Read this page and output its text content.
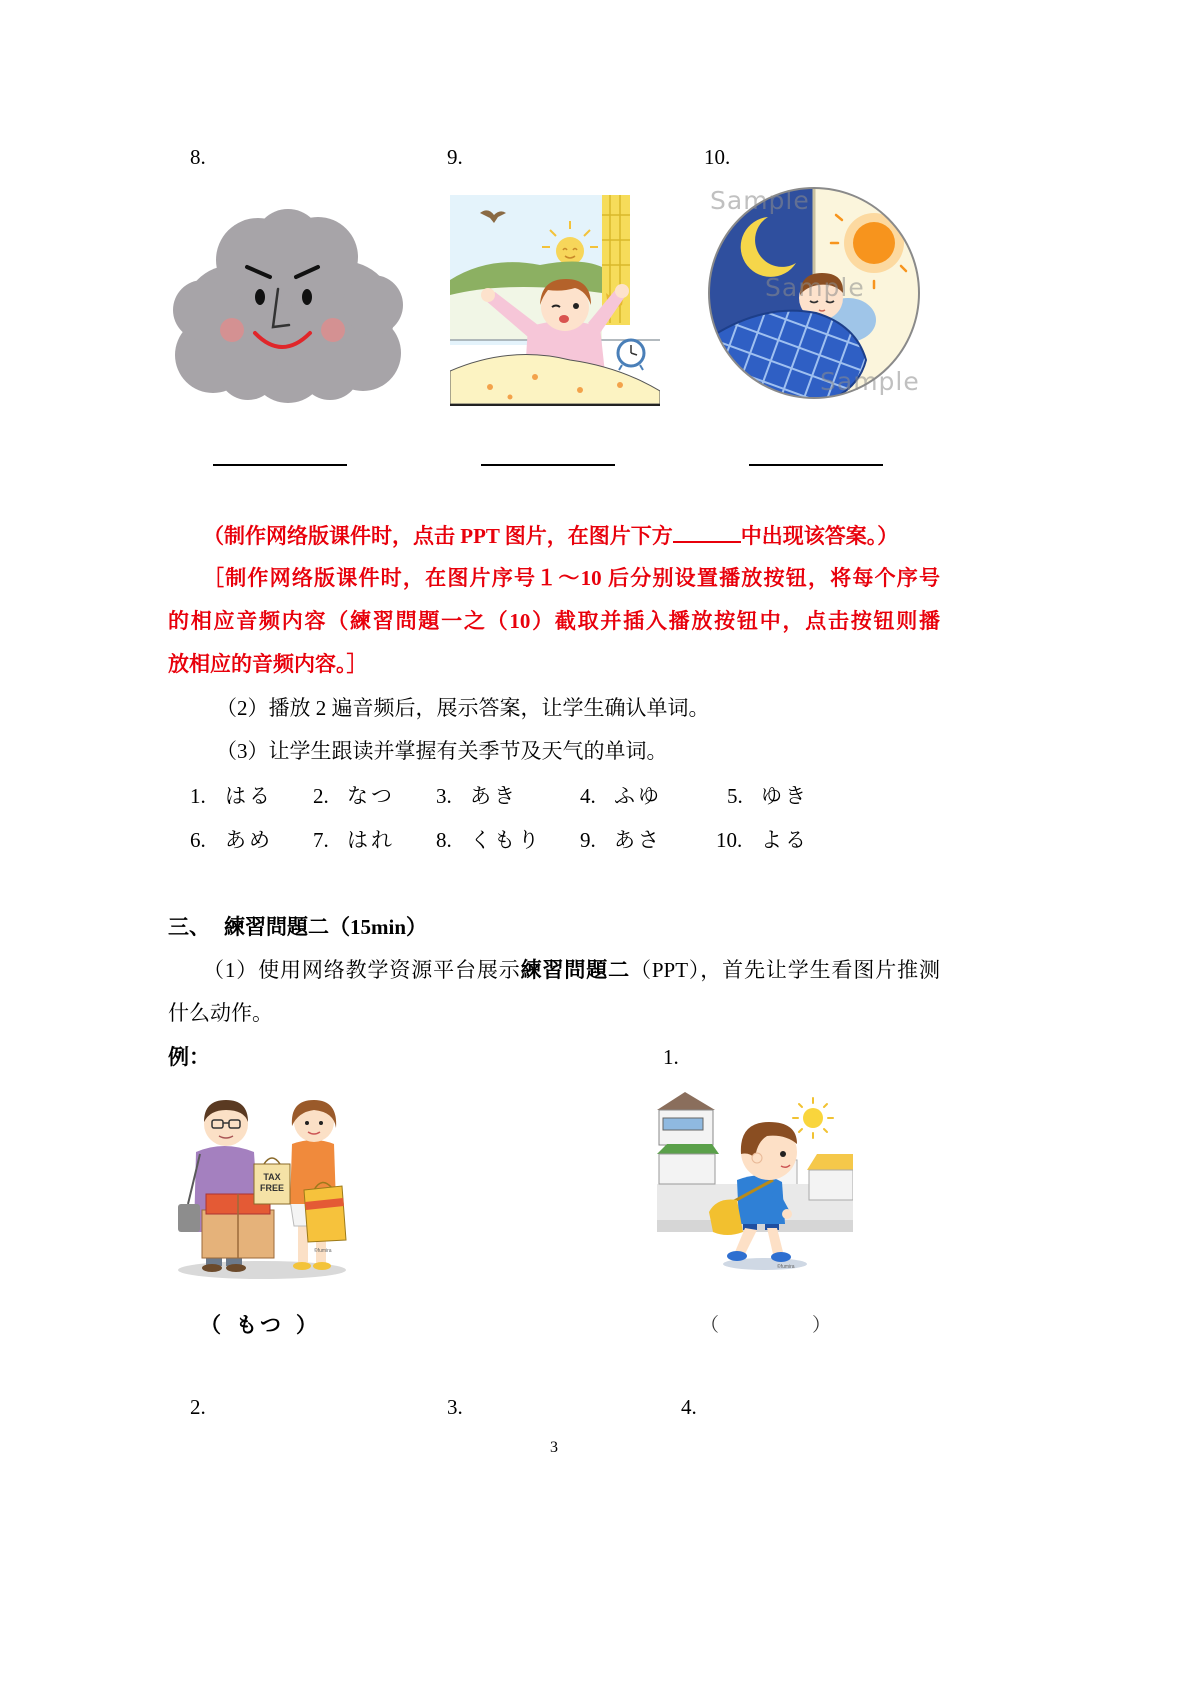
8.	9.	10.
Sample
Sample
Sample
（制作网络版课件时，点击 PPT 图片，在图片下方	中出现该答案。）
［制作网络版课件时，在图片序号１～10 后分别设置播放按钮，将每个序号
的相应音频内容（練習問題一之（10）截取并插入播放按钮中，点击按钮则播
放相应的音频内容。］
（2）播放 2 遍音频后，展示答案，让学生确认单词。
（3）让学生跟读并掌握有关季节及天气的单词。
1. はる 2. なつ 3. あき	4. ふゆ	5. ゆき
6. あめ 7. はれ 8. くもり 9. あさ	10. よる
三、 練習問題二（15min）
（1）使用网络教学资源平台展示練習問題二（PPT），首先让学生看图片推测
什么动作。
例：	1.
TAX
FREE
©fumira
©fumira
（ もつ ）	（	）
2.	3.	4.
3
